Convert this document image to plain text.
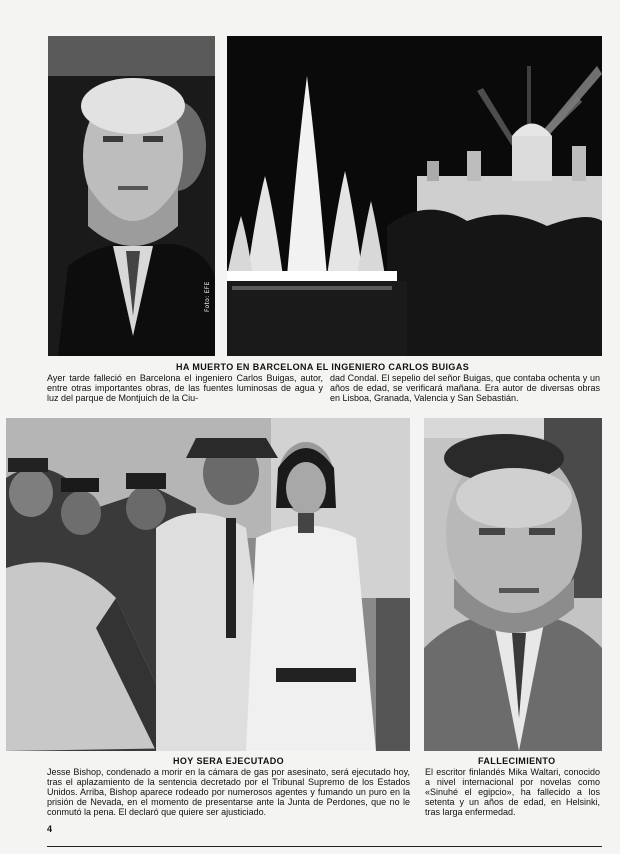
Foto: EFE
HA MUERTO EN BARCELONA EL INGENIERO CARLOS BUIGAS
Ayer tarde falleció en Barcelona el ingeniero Carlos Buigas, autor, entre otras importantes obras, de las fuentes luminosas de agua y luz del parque de Montjuich de la Ciu-
dad Condal. El sepelio del señor Buigas, que contaba ochenta y un años de edad, se verificará mañana. Era autor de diversas obras en Lisboa, Granada, Valencia y San Sebastián.
HOY SERA EJECUTADO
Jesse Bishop, condenado a morir en la cámara de gas por asesinato, será ejecutado hoy, tras el aplazamiento de la sentencia decretado por el Tribunal Supremo de los Estados Unidos. Arriba, Bishop aparece rodeado por numerosos agentes y fumando un puro en la prisión de Nevada, en el momento de presentarse ante la Junta de Perdones, que no le conmutó la pena. El declaró que quiere ser ajusticiado.
FALLECIMIENTO
El escritor finlandés Mika Waltari, conocido a nivel internacional por novelas como «Sinuhé el egipcio», ha fallecido a los setenta y un años de edad, en Helsinki, tras larga enfermedad.
4
